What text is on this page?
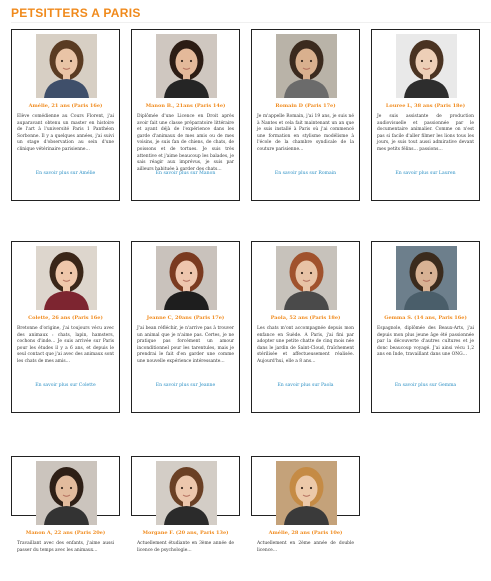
PETSITTERS A PARIS
Amélie, 21 ans (Paris 16e)
Elève comédienne au Cours Florent, j'ai auparavant obtenu un master en histoire de l'art à l'université Paris 1 Panthéon Sorbonne. Il y a quelques années, j'ai suivi un stage d'observation au sein d'une clinique vétérinaire parisienne…
En savoir plus sur Amélie
Manon B., 21ans (Paris 14e)
Diplômée d'une Licence en Droit après avoir fait une classe préparatoire littéraire et ayant déjà de l'expérience dans les garde d'animaux de mes amis ou de mes voisins, je suis fan de chiens, de chats, de poissons et de tortues. Je suis très attentive et j'aime beaucoup les balades, je sais réagir aux imprévus, je suis par ailleurs habituée à garder des chats…
En savoir plus sur Manon
Romain D (Paris 17e)
Je m'appelle Romain, j'ai 19 ans, je suis né à Nantes et cela fait maintenant un an que je suis installé à Paris où j'ai commencé une formation en stylisme modélisme à l'école de la chambre syndicale de la couture parisienne…
En savoir plus sur Romain
Louree L, 38 ans (Paris 18e)
Je suis assistante de production audiovisuelle et passionnée par le documentaire animalier. Comme on n'est pas si facile d'aller filmer les lions tous les jours, je suis tout aussi admirative devant mes petits félins… passions…
En savoir plus sur Lauren
Colette, 26 ans (Paris 16e)
Bretonne d'origine, j'ai toujours vécu avec des animaux : chats, lapin, hamsters, cochons d'inde… Je suis arrivée sur Paris pour les études il y a 6 ans, et depuis le seul contact que j'ai avec des animaux sont les chats de mes amis…
En savoir plus sur Colette
Jeanne C, 20ans (Paris 17e)
J'ai bean réfléchir, je n'arrive pas à trouver un animal que je n'aime pas. Certes, je ne pratique pas forcément un amour inconditionnel pour les tarentules, mais je prendrai le fait d'en garder une comme une nouvelle expérience intéressante…
En savoir plus sur Jeanne
Paola, 52 ans (Paris 18e)
Les chats m'ont accompagnée depuis mon enfance en Suède. A Paris, j'ai fini par adopter une petite chatte de cinq mois née dans le jardin de Saint-Cloud, fraîchement stérilisée et affectueusement réalisée. Aujourd'hui, elle a 8 ans…
En savoir plus sur Paola
Gemma S. (14 ans, Paris 16e)
Espagnole, diplômée des Beaux-Arts, j'ai depuis mon plus jeune âge été passionnée par la découverte d'autres cultures et je donc beaucoup voyagé. J'ai ainsi vécu 1,2 ans en Inde, travaillant dans une ONG…
En savoir plus sur Gemma
Manon A, 22 ans (Paris 20e)
Travaillant avec des enfants, j'aime aussi passer du temps avec les animaux…
Morgane F. (20 ans, Paris 13e)
Actuellement étudiante en 3ème année de licence de psychologie…
Amélie, 28 ans (Paris 10e)
Actuellement en 2ème année de double licence…
